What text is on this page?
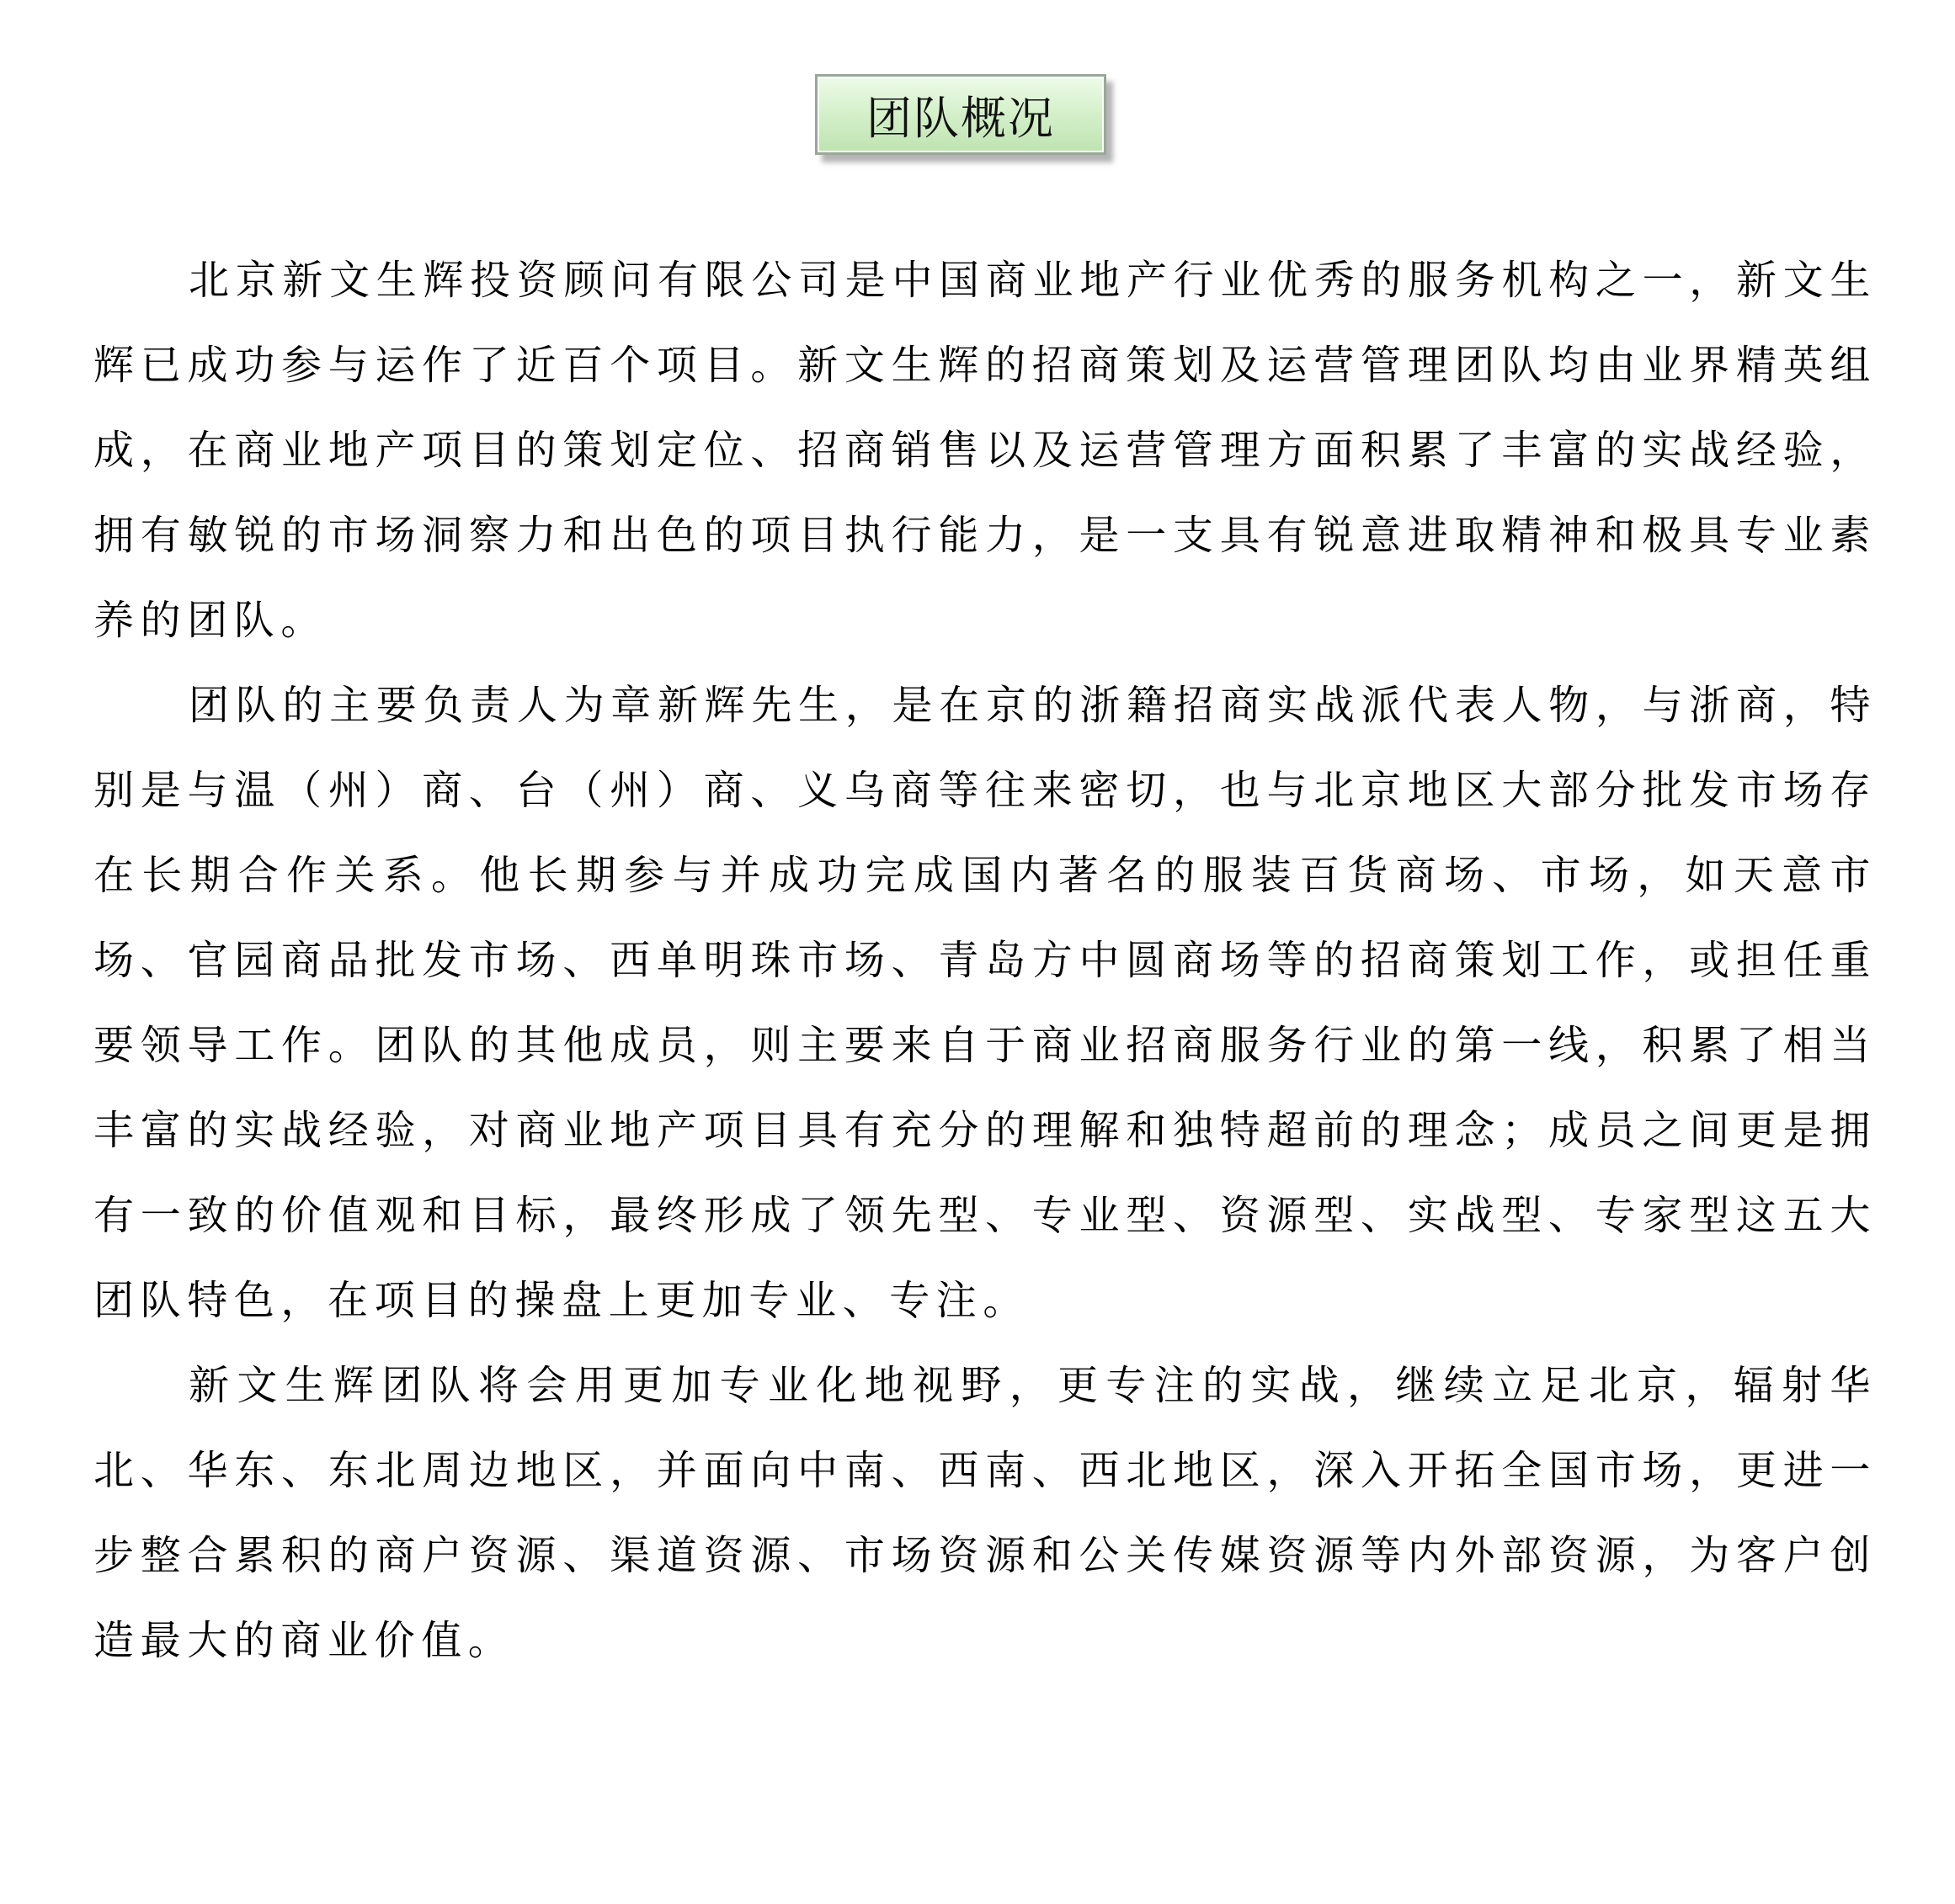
团队概况

北京新文生辉投资顾问有限公司是中国商业地产行业优秀的服务机构之一，新文生辉已成功参与运作了近百个项目。新文生辉的招商策划及运营管理团队均由业界精英组成，在商业地产项目的策划定位、招商销售以及运营管理方面积累了丰富的实战经验，拥有敏锐的市场洞察力和出色的项目执行能力，是一支具有锐意进取精神和极具专业素养的团队。

团队的主要负责人为章新辉先生，是在京的浙籍招商实战派代表人物，与浙商，特别是与温（州）商、台（州）商、义乌商等往来密切，也与北京地区大部分批发市场存在长期合作关系。他长期参与并成功完成国内著名的服装百货商场、市场，如天意市场、官园商品批发市场、西单明珠市场、青岛方中圆商场等的招商策划工作，或担任重要领导工作。团队的其他成员，则主要来自于商业招商服务行业的第一线，积累了相当丰富的实战经验，对商业地产项目具有充分的理解和独特超前的理念；成员之间更是拥有一致的价值观和目标，最终形成了领先型、专业型、资源型、实战型、专家型这五大团队特色，在项目的操盘上更加专业、专注。

新文生辉团队将会用更加专业化地视野，更专注的实战，继续立足北京，辐射华北、华东、东北周边地区，并面向中南、西南、西北地区，深入开拓全国市场，更进一步整合累积的商户资源、渠道资源、市场资源和公关传媒资源等内外部资源，为客户创造最大的商业价值。
